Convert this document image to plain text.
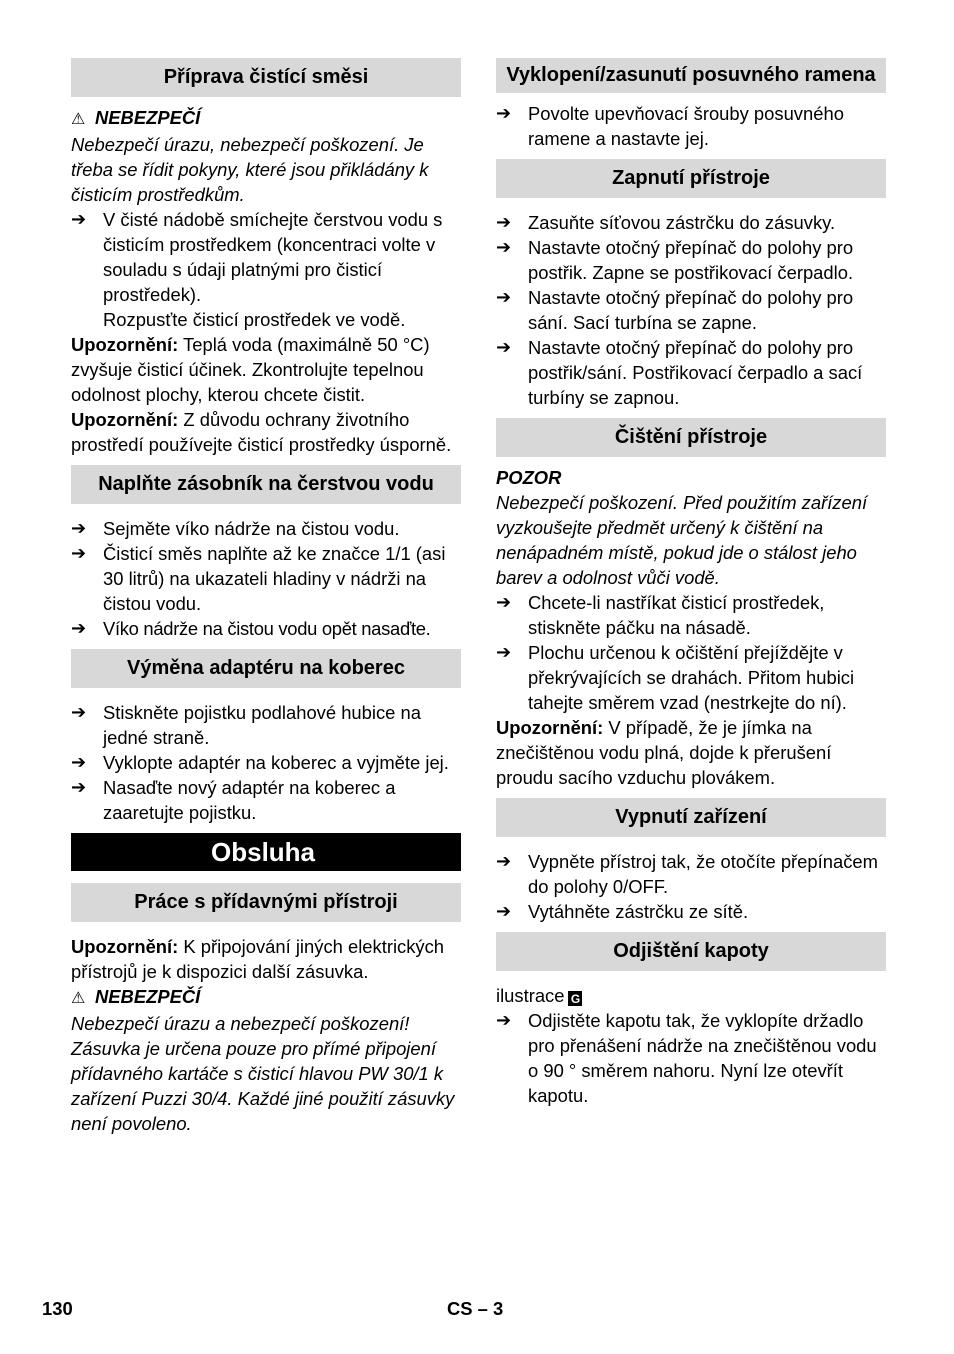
Příprava čistící směsi
⚠ NEBEZPEČÍ
Nebezpečí úrazu, nebezpečí poškození. Je třeba se řídit pokyny, které jsou přikládány k čisticím prostředkům.
➔ V čisté nádobě smíchejte čerstvou vodu s čisticím prostředkem (koncentraci volte v souladu s údaji platnými pro čisticí prostředek).
Rozpusťte čisticí prostředek ve vodě.
Upozornění: Teplá voda (maximálně 50 °C) zvyšuje čisticí účinek. Zkontrolujte tepelnou odolnost plochy, kterou chcete čistit.
Upozornění: Z důvodu ochrany životního prostředí používejte čisticí prostředky úsporně.
Naplňte zásobník na čerstvou vodu
➔ Sejměte víko nádrže na čistou vodu.
➔ Čisticí směs naplňte až ke značce 1/1 (asi 30 litrů) na ukazateli hladiny v nádrži na čistou vodu.
➔ Víko nádrže na čistou vodu opět nasaďte.
Výměna adaptéru na koberec
➔ Stiskněte pojistku podlahové hubice na jedné straně.
➔ Vyklopte adaptér na koberec a vyjměte jej.
➔ Nasaďte nový adaptér na koberec a zaaretujte pojistku.
Obsluha
Práce s přídavnými přístroji
Upozornění: K připojování jiných elektrických přístrojů je k dispozici další zásuvka.
⚠ NEBEZPEČÍ
Nebezpečí úrazu a nebezpečí poškození! Zásuvka je určena pouze pro přímé připojení přídavného kartáče s čisticí hlavou PW 30/1 k zařízení Puzzi 30/4. Každé jiné použití zásuvky není povoleno.
Vyklopení/zasunutí posuvného ramena
➔ Povolte upevňovací šrouby posuvného ramene a nastavte jej.
Zapnutí přístroje
➔ Zasuňte síťovou zástrčku do zásuvky.
➔ Nastavte otočný přepínač do polohy pro postřik. Zapne se postřikovací čerpadlo.
➔ Nastavte otočný přepínač do polohy pro sání. Sací turbína se zapne.
➔ Nastavte otočný přepínač do polohy pro postřik/sání. Postřikovací čerpadlo a sací turbíny se zapnou.
Čištění přístroje
POZOR
Nebezpečí poškození. Před použitím zařízení vyzkoušejte předmět určený k čištění na nenápadném místě, pokud jde o stálost jeho barev a odolnost vůči vodě.
➔ Chcete-li nastříkat čisticí prostředek, stiskněte páčku na násadě.
➔ Plochu určenou k očištění přejíždějte v překrývajících se drahách. Přitom hubici tahejte směrem vzad (nestrkejte do ní).
Upozornění: V případě, že je jímka na znečištěnou vodu plná, dojde k přerušení proudu sacího vzduchu plovákem.
Vypnutí zařízení
➔ Vypněte přístroj tak, že otočíte přepínačem do polohy 0/OFF.
➔ Vytáhněte zástrčku ze sítě.
Odjištění kapoty
ilustrace G
➔ Odjistěte kapotu tak, že vyklopíte držadlo pro přenášení nádrže na znečištěnou vodu o 90 ° směrem nahoru. Nyní lze otevřít kapotu.
130	CS – 3
